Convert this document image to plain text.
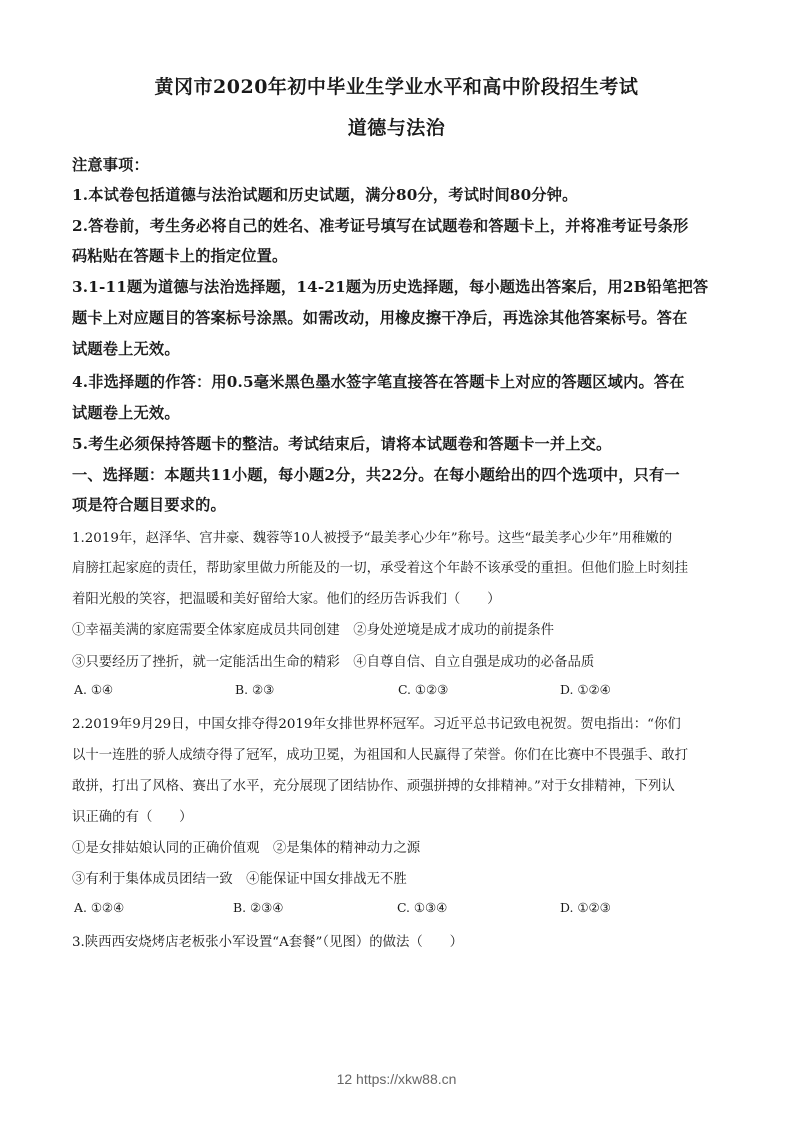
黄冈市2020年初中毕业生学业水平和高中阶段招生考试
道德与法治
注意事项：
1.本试卷包括道德与法治试题和历史试题，满分80分，考试时间80分钟。
2.答卷前，考生务必将自己的姓名、准考证号填写在试题卷和答题卡上，并将准考证号条形
码粘贴在答题卡上的指定位置。
3.1-11题为道德与法治选择题，14-21题为历史选择题，每小题选出答案后，用2B铅笔把答
题卡上对应题目的答案标号涂黑。如需改动，用橡皮擦干净后，再选涂其他答案标号。答在
试题卷上无效。
4.非选择题的作答：用0.5毫米黑色墨水签字笔直接答在答题卡上对应的答题区域内。答在
试题卷上无效。
5.考生必须保持答题卡的整洁。考试结束后，请将本试题卷和答题卡一并上交。
一、选择题：本题共11小题，每小题2分，共22分。在每小题给出的四个选项中，只有一
项是符合题目要求的。
1.2019年，赵泽华、宫井豪、魏蓉等10人被授予“最美孝心少年”称号。这些“最美孝心少年”用稚嫩的
肩膀扛起家庭的责任，帮助家里做力所能及的一切，承受着这个年龄不该承受的重担。但他们脸上时刻挂
着阳光般的笑容，把温暖和美好留给大家。他们的经历告诉我们（　　）
①幸福美满的家庭需要全体家庭成员共同创建　②身处逆境是成才成功的前提条件
③只要经历了挫折，就一定能活出生命的精彩　④自尊自信、自立自强是成功的必备品质
A. ①④	B. ②③	C. ①②③	D. ①②④
2.2019年9月29日，中国女排夺得2019年女排世界杯冠军。习近平总书记致电祝贺。贺电指出：“你们
以十一连胜的骄人成绩夺得了冠军，成功卫冕，为祖国和人民赢得了荣誉。你们在比赛中不畏强手、敢打
敢拼，打出了风格、赛出了水平，充分展现了团结协作、顽强拼搏的女排精神。”对于女排精神，下列认
识正确的有（　　）
①是女排姑娘认同的正确价值观　②是集体的精神动力之源
③有利于集体成员团结一致　④能保证中国女排战无不胜
A. ①②④	B. ②③④	C. ①③④	D. ①②③
3.陕西西安烧烤店老板张小军设置“A套餐”（见图）的做法（　　）
12 https://xkw88.cn
